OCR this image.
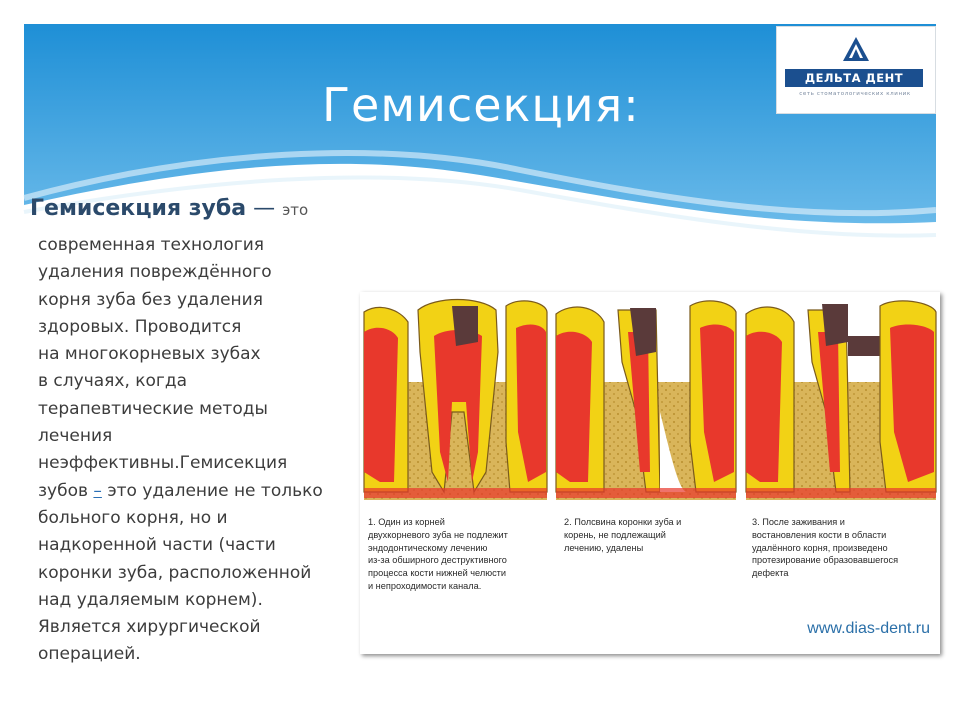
Гемисекция:	ДЕЛЬТА ДЕНТ
сеть стоматологических клиник
Гемисекция зуба — это
современная технология
удаления повреждённого
корня зуба без удаления
здоровых. Проводится
на многокорневых зубах
в случаях, когда
терапевтические методы
лечения
неэффективны.Гемисекция
зубов – это удаление не только
больного корня, но и
надкоренной части (части
коронки зуба, расположенной
над удаляемым корнем).
Является хирургической
операцией.
1. Один из корней
двухкорневого зуба не подлежит
эндодонтическому лечению
из-за обширного деструктивного
процесса кости нижней челюсти
и непроходимости канала.
2. Полсвина коронки зуба и
корень, не подлежащий
лечению, удалены
3. После заживания и
востановления кости в области
удалённого корня, произведено
протезирование образовавшегося
дефекта
www.dias-dent.ru
